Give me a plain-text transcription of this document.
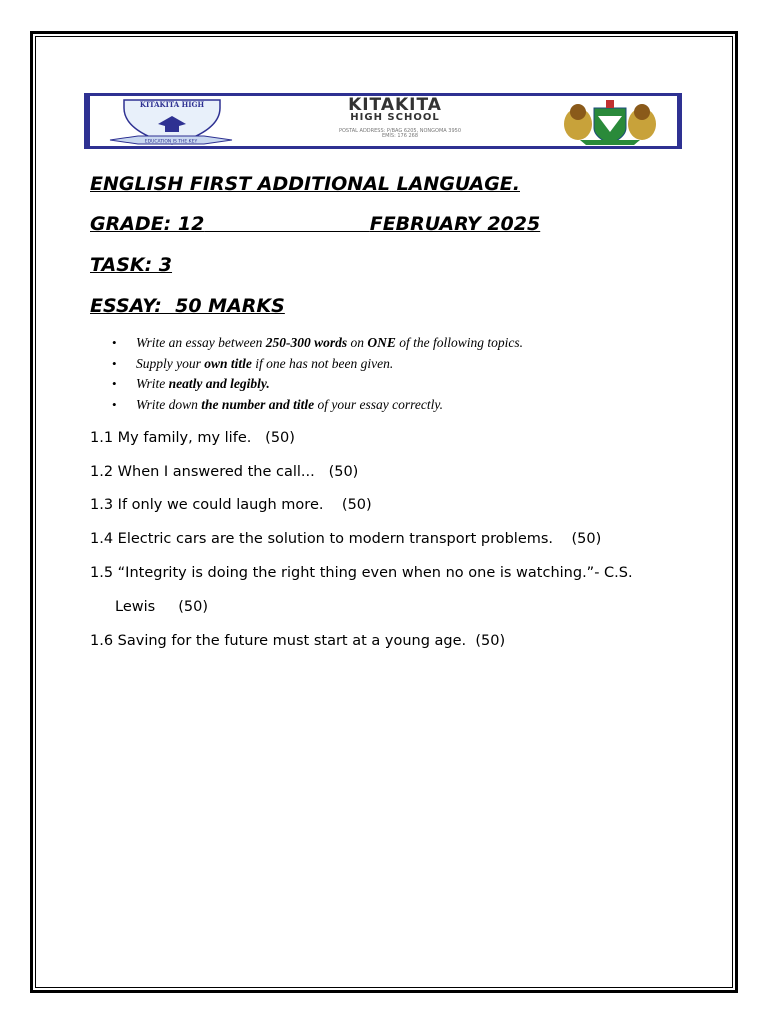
KITAKITA HIGH
EDUCATION IS THE KEY
KITAKITA
HIGH SCHOOL
POSTAL ADDRESS: P/BAG 6205, NONGOMA 3950
EMIS: 176 268
ENGLISH FIRST ADDITIONAL LANGUAGE.
GRADE: 12	FEBRUARY 2025
TASK: 3
ESSAY:  50 MARKS
• Write an essay between 250-300 words on ONE of the following topics.
• Supply your own title if one has not been given.
• Write neatly and legibly.
• Write down the number and title of your essay correctly.
1.1 My family, my life.   (50)
1.2 When I answered the call...   (50)
1.3 If only we could laugh more.    (50)
1.4 Electric cars are the solution to modern transport problems.    (50)
1.5 “Integrity is doing the right thing even when no one is watching.”- C.S.
Lewis     (50)
1.6 Saving for the future must start at a young age.  (50)
